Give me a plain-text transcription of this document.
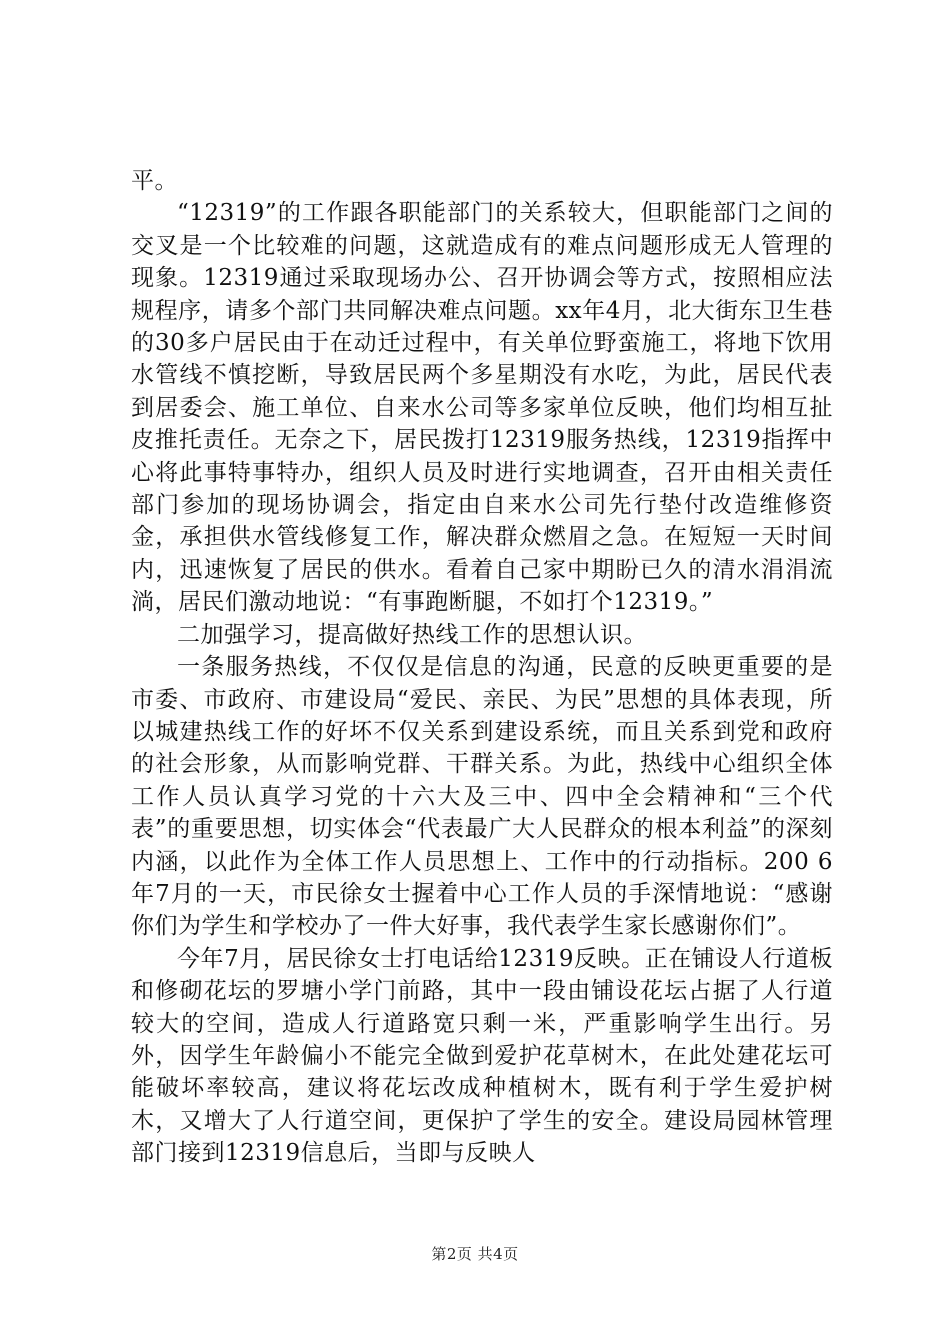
平。

“12319”的工作跟各职能部门的关系较大，但职能部门之间的交叉是一个比较难的问题，这就造成有的难点问题形成无人管理的现象。12319通过采取现场办公、召开协调会等方式，按照相应法规程序，请多个部门共同解决难点问题。xx年4月，北大街东卫生巷的30多户居民由于在动迁过程中，有关单位野蛮施工，将地下饮用水管线不慎挖断，导致居民两个多星期没有水吃，为此，居民代表到居委会、施工单位、自来水公司等多家单位反映，他们均相互扯皮推托责任。无奈之下，居民拨打12319服务热线，12319指挥中心将此事特事特办，组织人员及时进行实地调查，召开由相关责任部门参加的现场协调会，指定由自来水公司先行垫付改造维修资金，承担供水管线修复工作，解决群众燃眉之急。在短短一天时间内，迅速恢复了居民的供水。看着自己家中期盼已久的清水涓涓流淌，居民们激动地说：“有事跑断腿，不如打个12319。”

二加强学习，提高做好热线工作的思想认识。

一条服务热线，不仅仅是信息的沟通，民意的反映更重要的是市委、市政府、市建设局“爱民、亲民、为民”思想的具体表现，所以城建热线工作的好坏不仅关系到建设系统，而且关系到党和政府的社会形象，从而影响党群、干群关系。为此，热线中心组织全体工作人员认真学习党的十六大及三中、四中全会精神和“三个代表”的重要思想，切实体会“代表最广大人民群众的根本利益”的深刻内涵，以此作为全体工作人员思想上、工作中的行动指标。200 6年7月的一天，市民徐女士握着中心工作人员的手深情地说：“感谢你们为学生和学校办了一件大好事，我代表学生家长感谢你们”。

今年7月，居民徐女士打电话给12319反映。正在铺设人行道板和修砌花坛的罗塘小学门前路，其中一段由铺设花坛占据了人行道较大的空间，造成人行道路宽只剩一米，严重影响学生出行。另外，因学生年龄偏小不能完全做到爱护花草树木，在此处建花坛可能破坏率较高，建议将花坛改成种植树木，既有利于学生爱护树木，又增大了人行道空间，更保护了学生的安全。建设局园林管理部门接到12319信息后，当即与反映人

第2页 共4页
